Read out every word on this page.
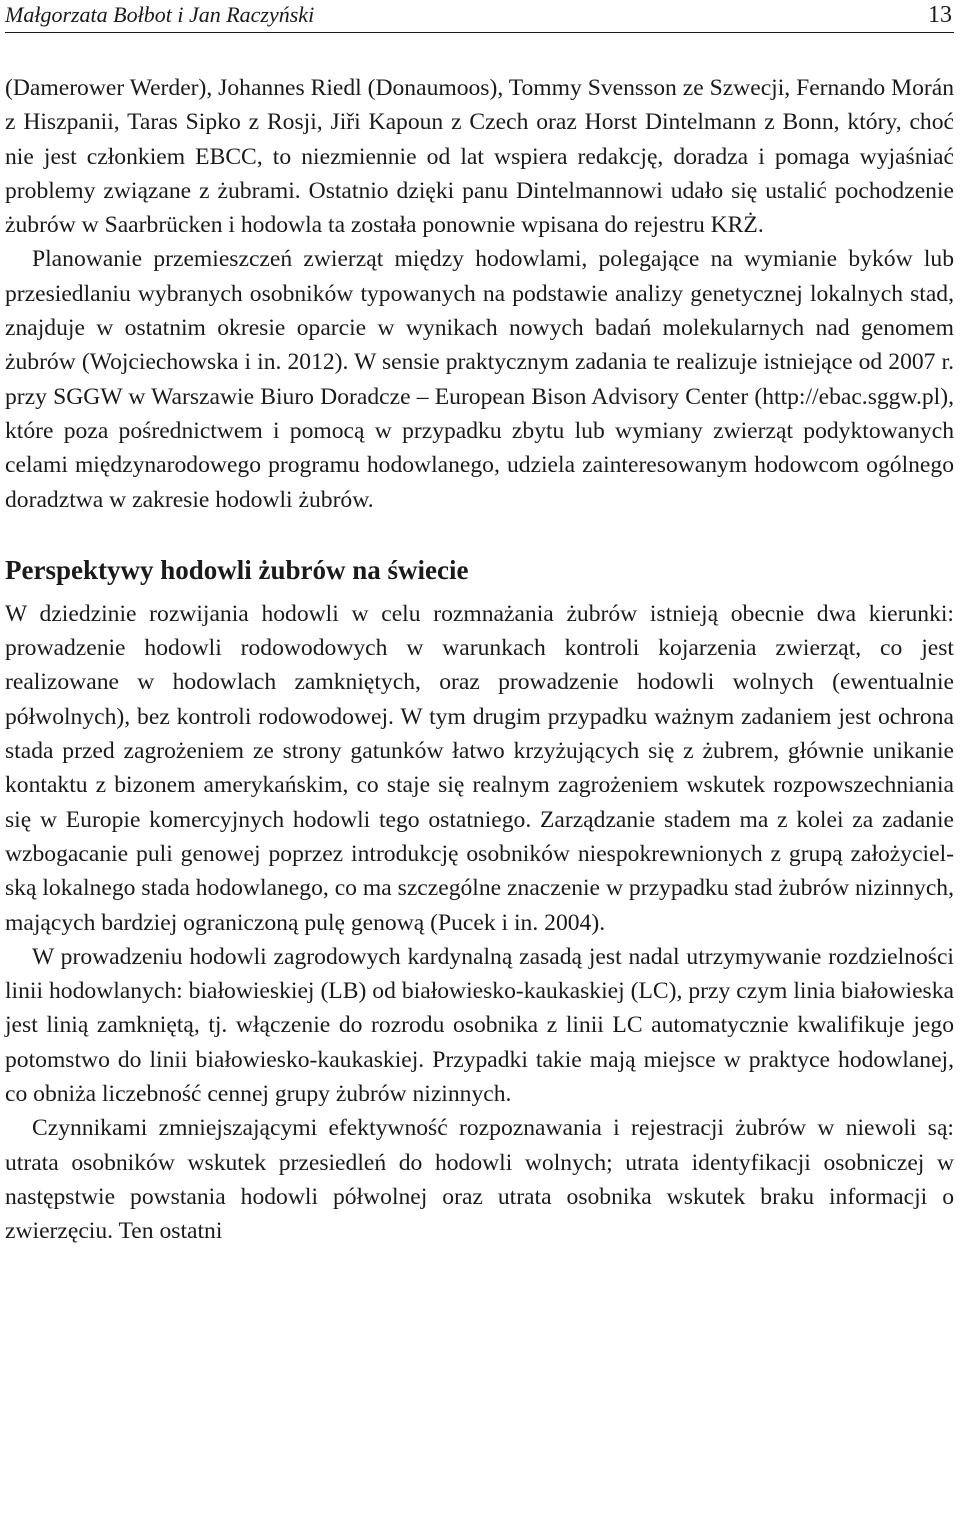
Małgorzata Bołbot i Jan Raczyński	13

(Damerower Werder), Johannes Riedl (Donaumoos), Tommy Svensson ze Szwecji, Fernando Morán z Hiszpanii, Taras Sipko z Rosji, Jiři Kapoun z Czech oraz Horst Dintelmann z Bonn, który, choć nie jest członkiem EBCC, to niezmiennie od lat wspiera redakcję, doradza i pomaga wyjaśniać problemy związane z żubrami. Ostatnio dzięki panu Dintelmannowi udało się ustalić pochodzenie żubrów w Saarbrücken i hodowla ta została ponownie wpisana do rejestru KRŻ.

Planowanie przemieszczeń zwierząt między hodowlami, polegające na wymianie byków lub przesiedlaniu wybranych osobników typowanych na podstawie analizy genetycznej lokalnych stad, znajduje w ostatnim okresie oparcie w wynikach nowych badań molekularnych nad genomem żubrów (Wojciechowska i in. 2012). W sensie praktycznym zadania te realizuje istniejące od 2007 r. przy SGGW w Warszawie Biuro Doradcze – European Bison Advisory Center (http://ebac.sggw.pl), które poza pośrednictwem i pomocą w przypadku zbytu lub wymiany zwierząt podyktowanych celami międzynarodowego programu hodowlanego, udziela zainteresowanym hodowcom ogólnego doradztwa w zakresie hodowli żubrów.

Perspektywy hodowli żubrów na świecie

W dziedzinie rozwijania hodowli w celu rozmnażania żubrów istnieją obecnie dwa kierunki: prowadzenie hodowli rodowodowych w warunkach kontroli kojarzenia zwierząt, co jest realizowane w hodowlach zamkniętych, oraz prowadzenie hodowli wolnych (ewentualnie półwolnych), bez kontroli rodowodowej. W tym drugim przypadku ważnym zadaniem jest ochrona stada przed zagrożeniem ze strony gatunków łatwo krzyżujących się z żubrem, głównie unikanie kontaktu z bizonem amerykańskim, co staje się realnym zagrożeniem wskutek rozpowszechniania się w Europie komercyjnych hodowli tego ostatniego. Zarządzanie stadem ma z kolei za zadanie wzbogacanie puli genowej poprzez introdukcję osobników niespokrewnionych z grupą założycielską lokalnego stada hodowlanego, co ma szczególne znaczenie w przypadku stad żubrów nizinnych, mających bardziej ograniczoną pulę genową (Pucek i in. 2004).

W prowadzeniu hodowli zagrodowych kardynalną zasadą jest nadal utrzymywanie rozdzielności linii hodowlanych: białowieskiej (LB) od białowiesko-kaukaskiej (LC), przy czym linia białowieska jest linią zamkniętą, tj. włączenie do rozrodu osobnika z linii LC automatycznie kwalifikuje jego potomstwo do linii białowiesko-kaukaskiej. Przypadki takie mają miejsce w praktyce hodowlanej, co obniża liczebność cennej grupy żubrów nizinnych.

Czynnikami zmniejszającymi efektywność rozpoznawania i rejestracji żubrów w niewoli są: utrata osobników wskutek przesiedleń do hodowli wolnych; utrata identyfikacji osobniczej w następstwie powstania hodowli półwolnej oraz utrata osobnika wskutek braku informacji o zwierzęciu. Ten ostatni
